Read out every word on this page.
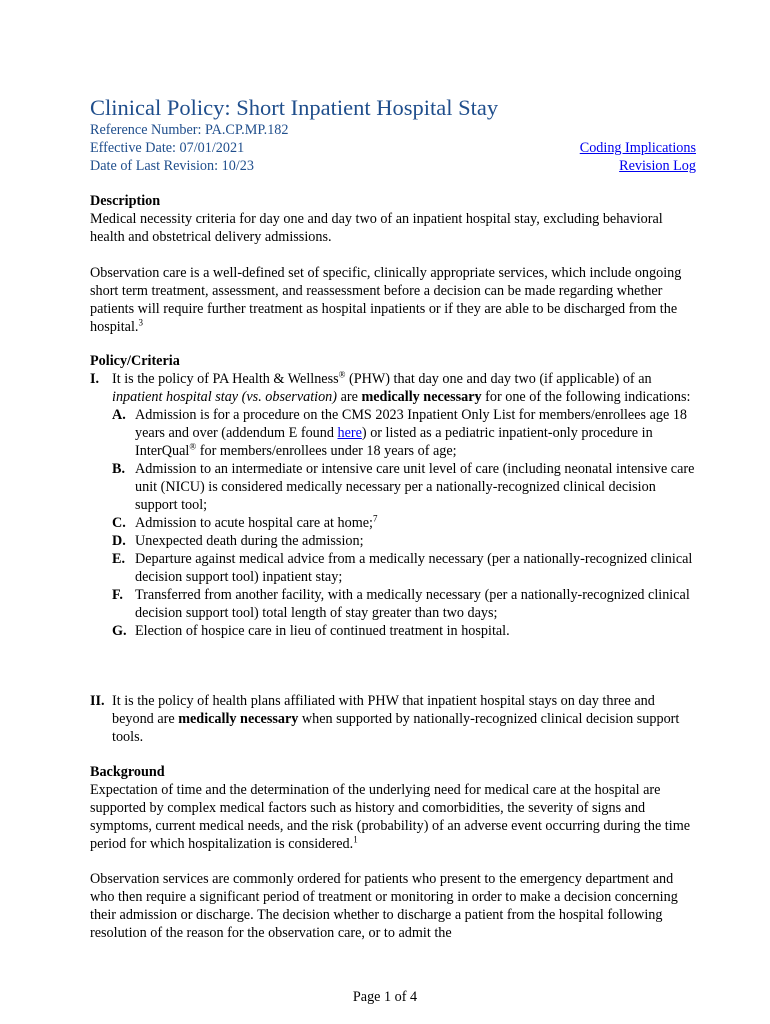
Clinical Policy: Short Inpatient Hospital Stay
Reference Number: PA.CP.MP.182
Effective Date: 07/01/2021
Date of Last Revision: 10/23
Coding Implications
Revision Log
Description

Medical necessity criteria for day one and day two of an inpatient hospital stay, excluding behavioral health and obstetrical delivery admissions.

Observation care is a well-defined set of specific, clinically appropriate services, which include ongoing short term treatment, assessment, and reassessment before a decision can be made regarding whether patients will require further treatment as hospital inpatients or if they are able to be discharged from the hospital.$^3$

Policy/Criteria
I. It is the policy of PA Health & Wellness® (PHW) that day one and day two (if applicable) of an inpatient hospital stay (vs. observation) are medically necessary for one of the following indications:
A. Admission is for a procedure on the CMS 2023 Inpatient Only List for members/enrollees age 18 years and over (addendum E found here) or listed as a pediatric inpatient-only procedure in InterQual® for members/enrollees under 18 years of age;
B. Admission to an intermediate or intensive care unit level of care (including neonatal intensive care unit (NICU) is considered medically necessary per a nationally-recognized clinical decision support tool;
C. Admission to acute hospital care at home;$^7$
D. Unexpected death during the admission;
E. Departure against medical advice from a medically necessary (per a nationally-recognized clinical decision support tool) inpatient stay;
F. Transferred from another facility, with a medically necessary (per a nationally-recognized clinical decision support tool) total length of stay greater than two days;
G. Election of hospice care in lieu of continued treatment in hospital.
II. It is the policy of health plans affiliated with PHW that inpatient hospital stays on day three and beyond are medically necessary when supported by nationally-recognized clinical decision support tools.
Background

Expectation of time and the determination of the underlying need for medical care at the hospital are supported by complex medical factors such as history and comorbidities, the severity of signs and symptoms, current medical needs, and the risk (probability) of an adverse event occurring during the time period for which hospitalization is considered.$^1$

Observation services are commonly ordered for patients who present to the emergency department and who then require a significant period of treatment or monitoring in order to make a decision concerning their admission or discharge. The decision whether to discharge a patient from the hospital following resolution of the reason for the observation care, or to admit the

Page 1 of 4
